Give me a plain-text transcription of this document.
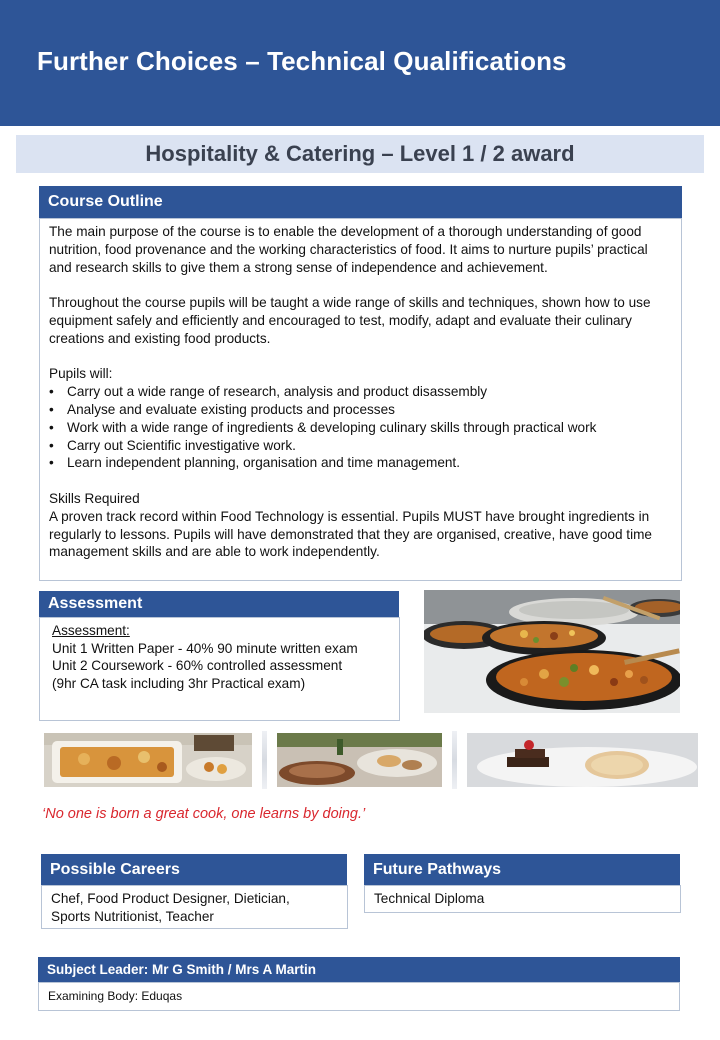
Further Choices – Technical Qualifications
Hospitality & Catering – Level 1 / 2 award
Course Outline

The main purpose of the course is to enable the development of a thorough understanding of good nutrition, food provenance and the working characteristics of food. It aims to nurture pupils’ practical and research skills to give them a strong sense of independence and achievement.

Throughout the course pupils will be taught a wide range of skills and techniques, shown how to use equipment safely and efficiently and encouraged to test, modify, adapt and evaluate their culinary creations and existing food products.

Pupils will:

• Carry out a wide range of research, analysis and product disassembly
• Analyse and evaluate existing products and processes
• Work with a wide range of ingredients & developing culinary skills through practical work
• Carry out Scientific investigative work.
• Learn independent planning, organisation and time management.

Skills Required

A proven track record within Food Technology is essential. Pupils MUST have brought ingredients in regularly to lessons. Pupils will have demonstrated that they are organised, creative, have good time management skills and are able to work independently.

Assessment
Assessment:
Unit 1 Written Paper - 40% 90 minute written exam
Unit 2 Coursework - 60% controlled assessment
(9hr CA task including 3hr Practical exam)
‘No one is born a great cook, one learns by doing.’
Possible Careers
Chef, Food Product Designer, Dietician,
Sports Nutritionist, Teacher
Future Pathways
Technical Diploma
Subject Leader: Mr G Smith / Mrs A Martin
Examining Body: Eduqas
